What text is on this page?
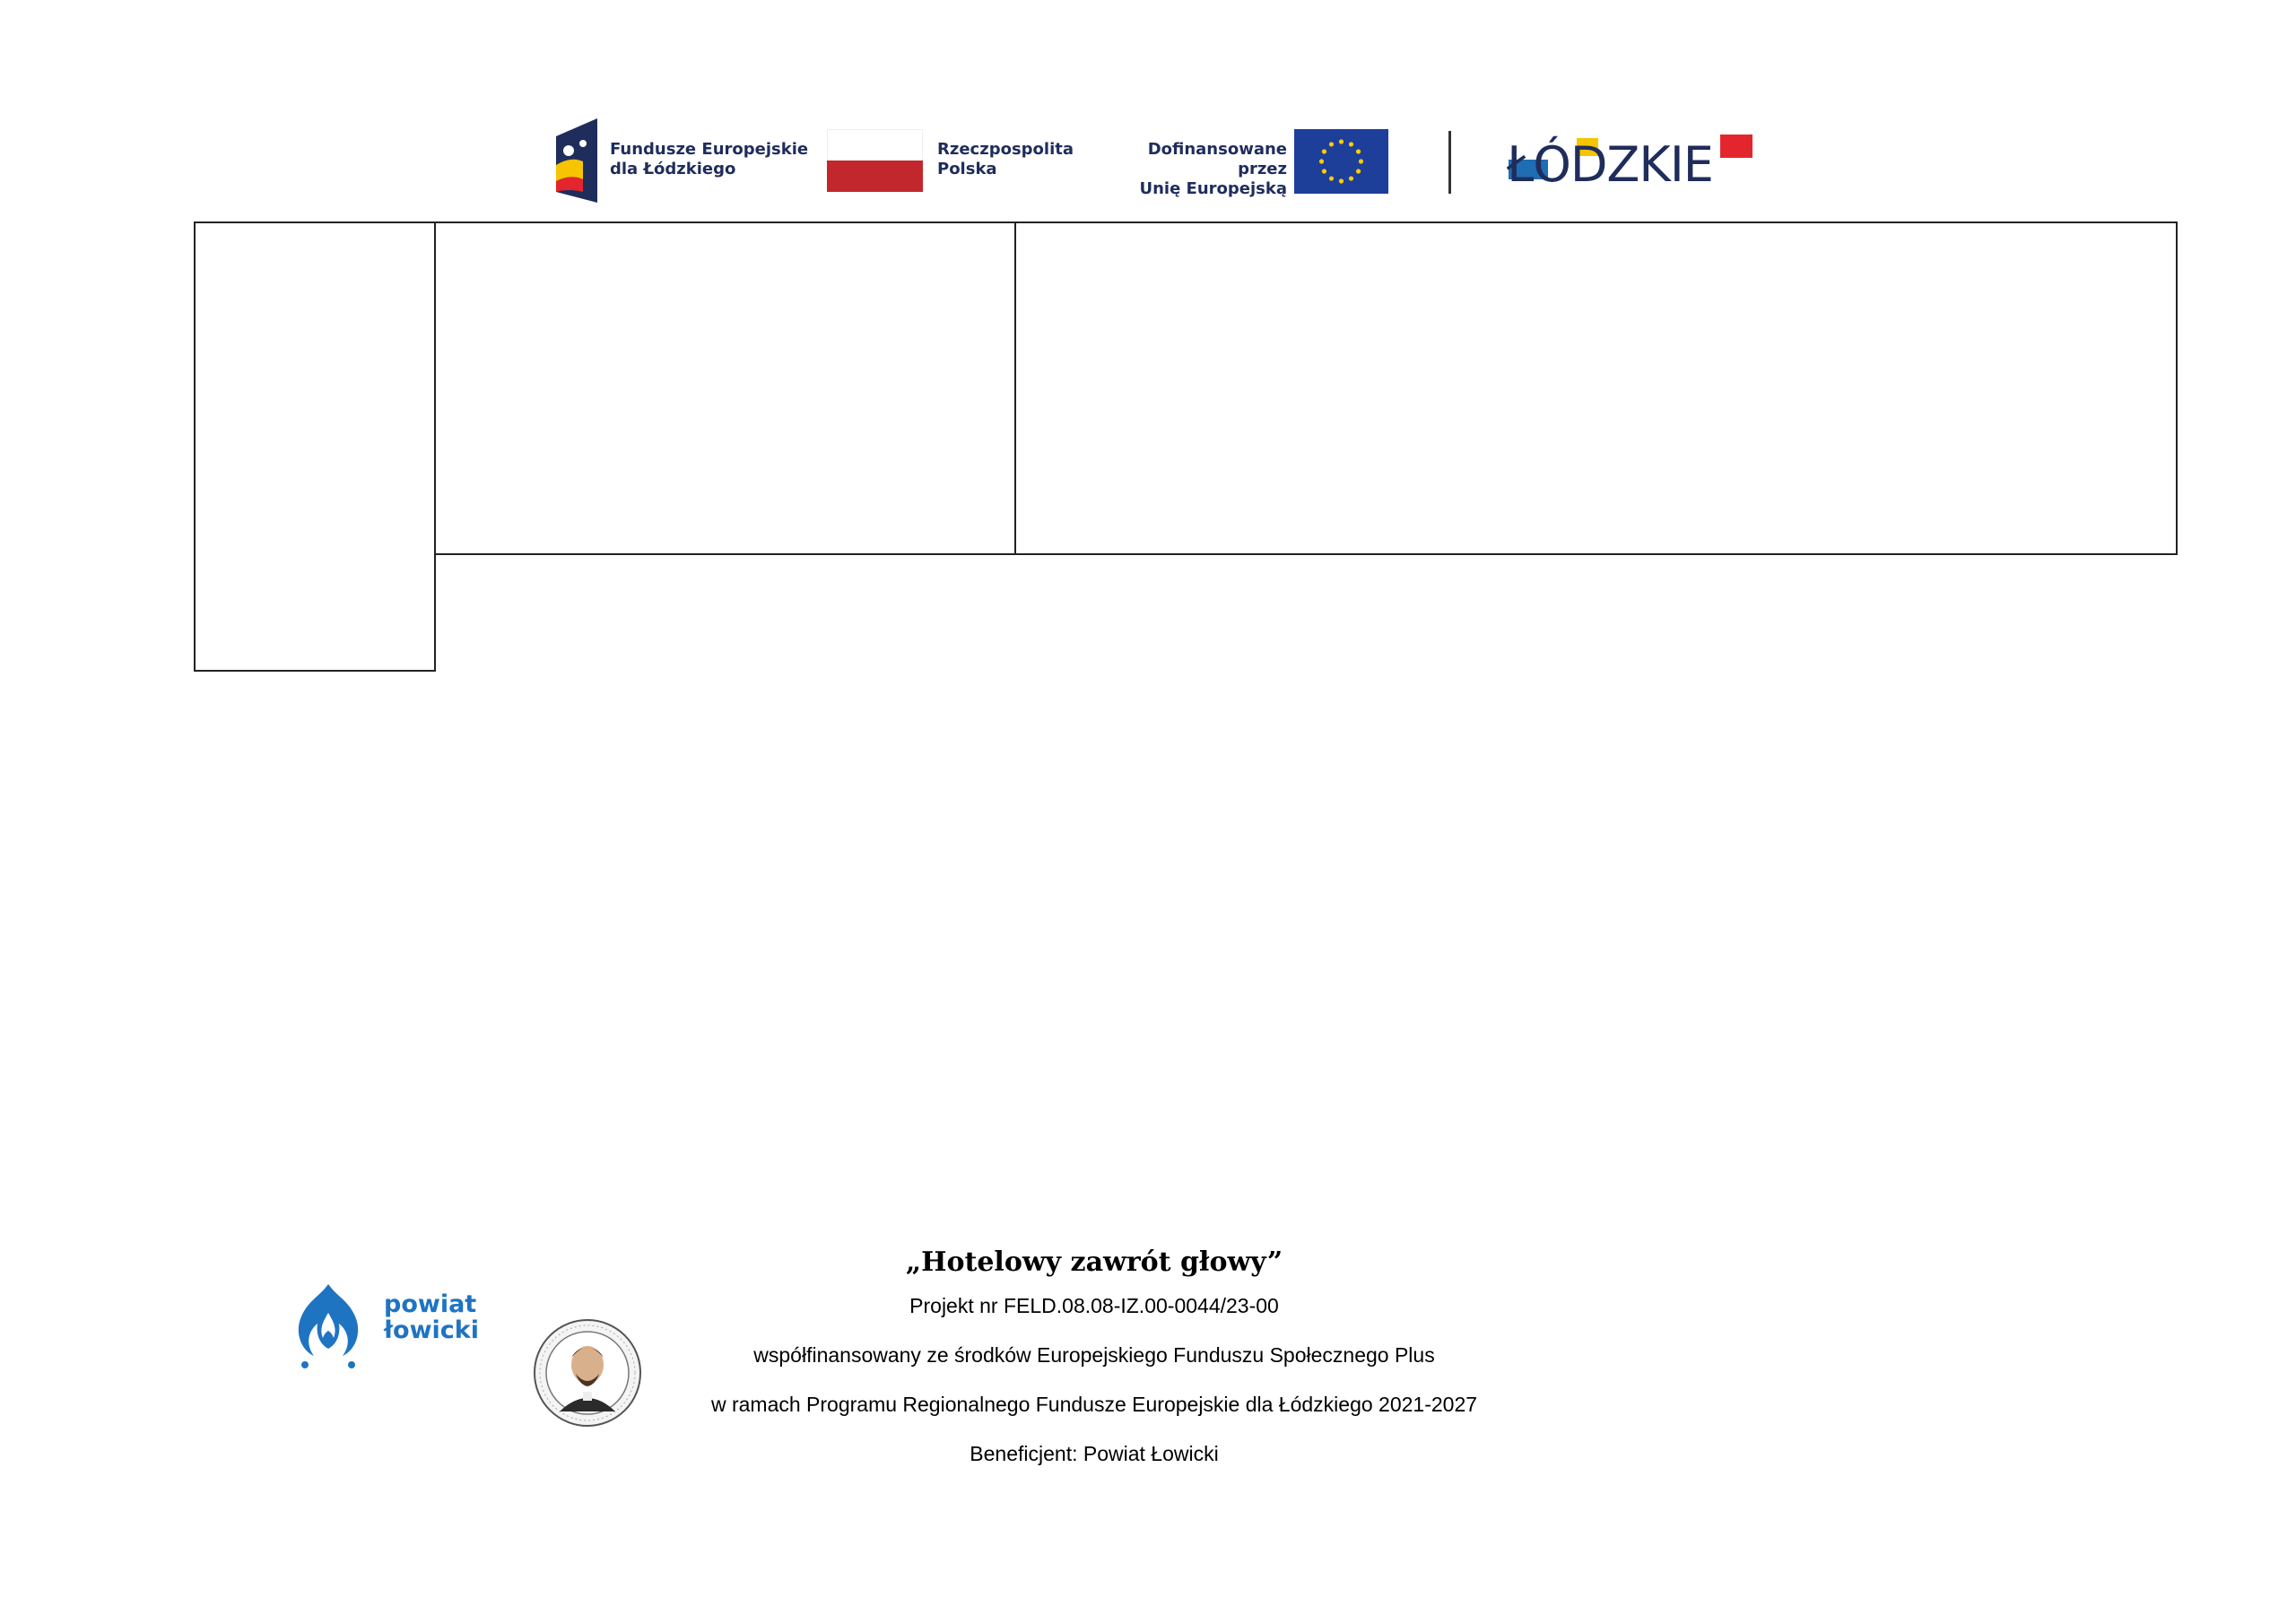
Fundusze Europejskie
dla Łódzkiego
Rzeczpospolita
Polska
Dofinansowane przez
Unię Europejską	ŁÓDZKIE
powiat
łowicki
„Hotelowy zawrót głowy”
Projekt nr FELD.08.08-IZ.00-0044/23-00
współfinansowany ze środków Europejskiego Funduszu Społecznego Plus
w ramach Programu Regionalnego Fundusze Europejskie dla Łódzkiego 2021-2027
Beneficjent: Powiat Łowicki
